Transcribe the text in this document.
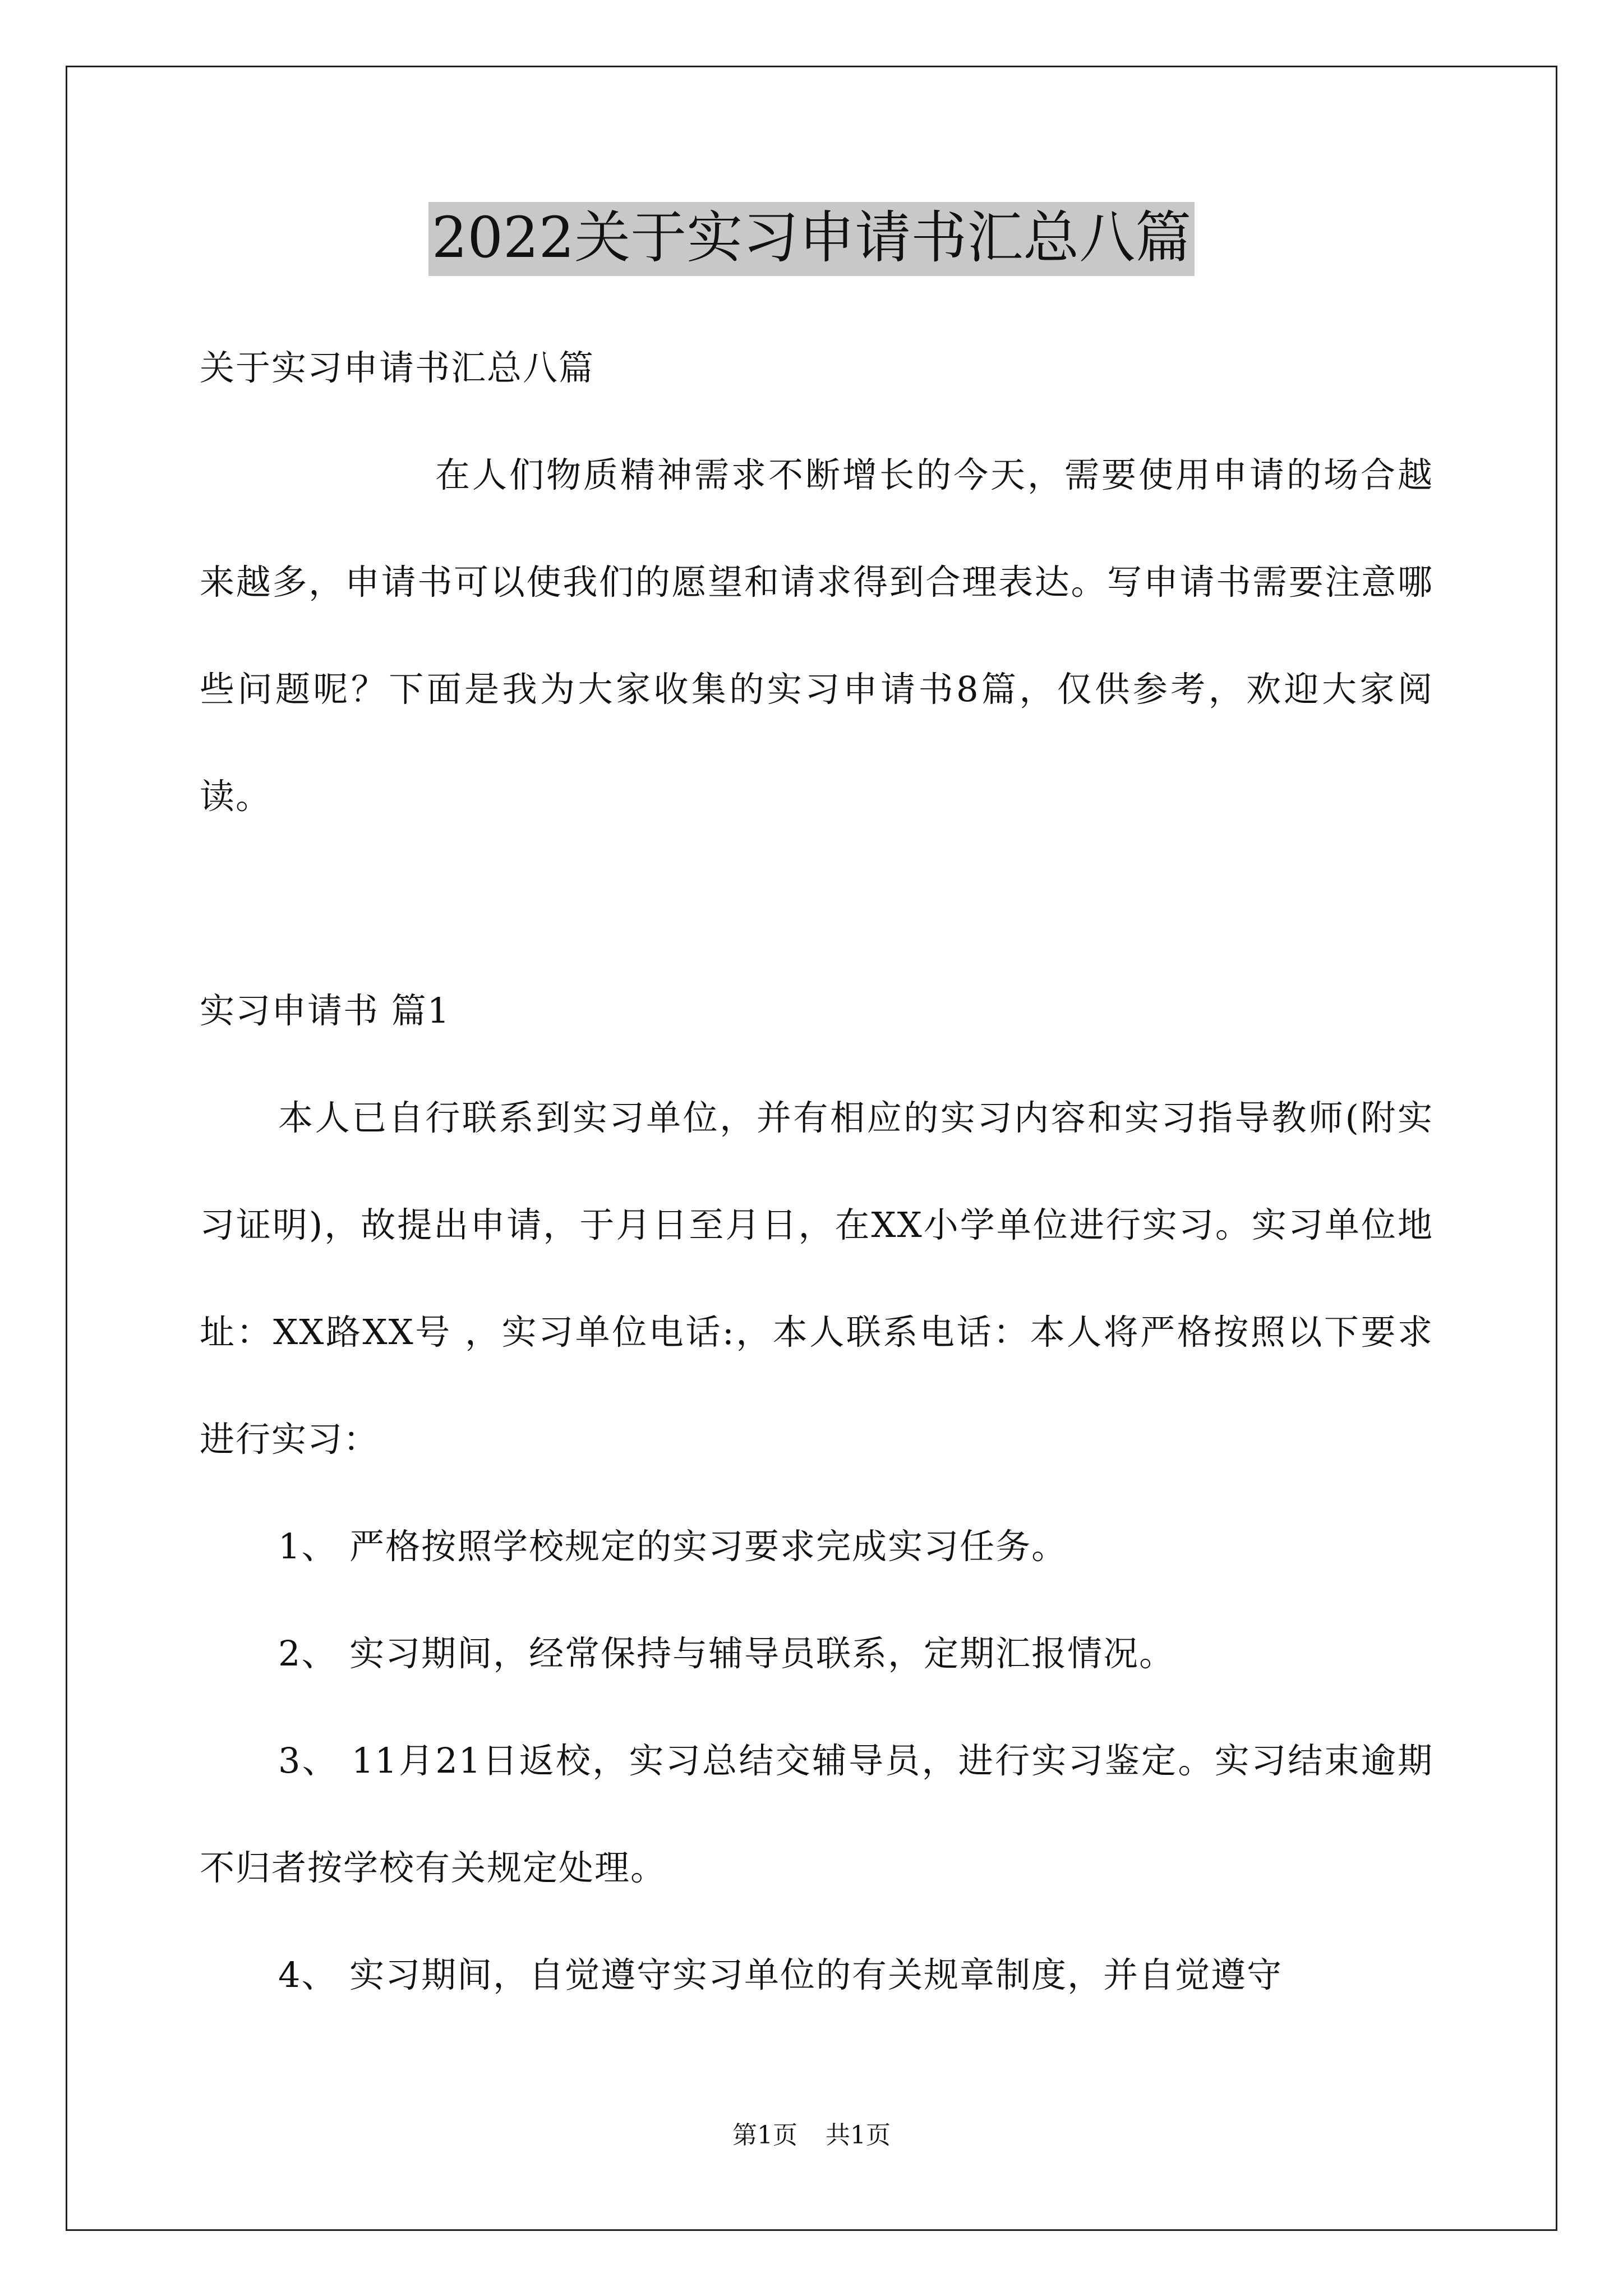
2022关于实习申请书汇总八篇

关于实习申请书汇总八篇

在人们物质精神需求不断增长的今天，需要使用申请的场合越来越多，申请书可以使我们的愿望和请求得到合理表达。写申请书需要注意哪些问题呢？下面是我为大家收集的实习申请书8篇，仅供参考，欢迎大家阅读。

实习申请书 篇1

本人已自行联系到实习单位，并有相应的实习内容和实习指导教师(附实习证明)，故提出申请，于月日至月日，在XX小学单位进行实习。实习单位地址：XX路XX号 ，实习单位电话:，本人联系电话：本人将严格按照以下要求进行实习：

1、 严格按照学校规定的实习要求完成实习任务。

2、 实习期间，经常保持与辅导员联系，定期汇报情况。

3、 11月21日返校，实习总结交辅导员，进行实习鉴定。实习结束逾期不归者按学校有关规定处理。

4、 实习期间，自觉遵守实习单位的有关规章制度，并自觉遵守

第1页 共1页
